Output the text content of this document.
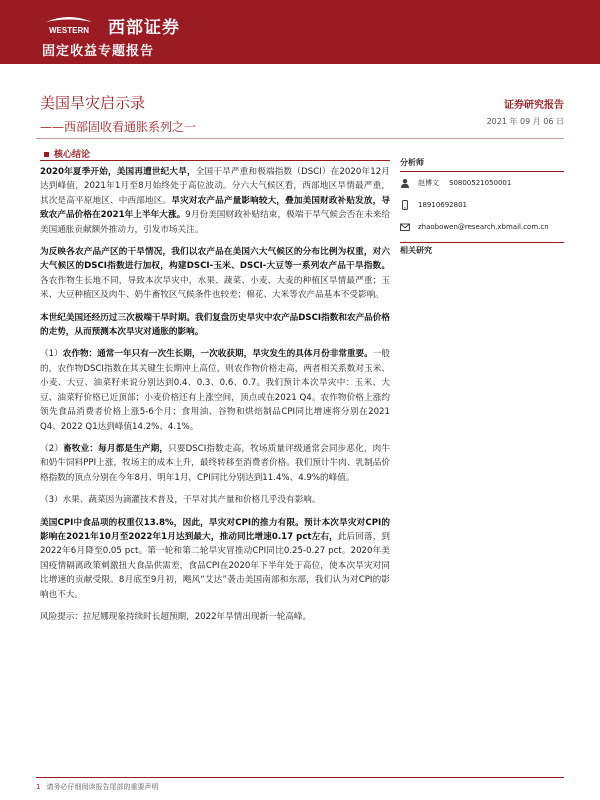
WESTERN 西部证券
固定收益专题报告
美国旱灾启示录
——西部固收看通胀系列之一
证券研究报告
2021 年 09 月 06 日
核心结论

2020年夏季开始，美国再遭世纪大旱，全国干旱严重和极端指数（DSCI）在2020年12月达到峰值，2021年1月至8月始终处于高位波动。分六大气候区看，西部地区旱情最严重，其次是高平原地区、中西部地区。旱灾对农产品产量影响较大，叠加美国财政补贴发放，导致农产品价格在2021年上半年大涨。9月份美国财政补贴结束，极端干旱气候会否在未来给美国通胀贡献额外推动力，引发市场关注。

为反映各农产品产区的干旱情况，我们以农产品在美国六大气候区的分布比例为权重，对六大气候区的DSCI指数进行加权，构建DSCI-玉米、DSCI-大豆等一系列农产品干旱指数。各农作物生长地不同，导致本次旱灾中，水果、蔬菜、小麦、大麦的种植区旱情最严重；玉米、大豆种植区及肉牛、奶牛畜牧区气候条件也较差；棉花、大米等农产品基本不受影响。

本世纪美国还经历过三次极端干旱时期。我们复盘历史旱灾中农产品DSCI指数和农产品价格的走势，从而预测本次旱灾对通胀的影响。

（1）农作物：通常一年只有一次生长期，一次收获期，旱灾发生的具体月份非常重要。一般的，农作物DSCI指数在其关键生长期冲上高位，则农作物价格走高，两者相关系数对玉米、小麦、大豆、油菜籽来说分别达到0.4、0.3、0.6、0.7。我们预计本次旱灾中：玉米、大豆、油菜籽价格已近顶部；小麦价格还有上涨空间，顶点或在2021 Q4。农作物价格上涨约领先食品消费者价格上涨5-6个月；食用油、谷物和烘焙制品CPI同比增速将分别在2021 Q4、2022 Q1达到峰值14.2%、4.1%。

（2）畜牧业：每月都是生产期，只要DSCI指数走高，牧场质量评级通常会同步恶化，肉牛和奶牛饲料PPI上涨，牧场主的成本上升，最终转移至消费者价格。我们预计牛肉、乳制品价格指数的顶点分别在今年8月、明年1月，CPI同比分别达到11.4%、4.9%的峰值。

（3）水果、蔬菜因为滴灌技术普及，干旱对其产量和价格几乎没有影响。

美国CPI中食品项的权重仅13.8%，因此，旱灾对CPI的推力有限。预计本次旱灾对CPI的影响在2021年10月至2022年1月达到最大，推动同比增速0.17 pct左右，此后回落，到2022年6月降至0.05 pct。第一轮和第二轮旱灾冒推动CPI同比0.25-0.27 pct。2020年美国疫情隔离政策刺激扭大食品供需差，食品CPI在2020年下半年处于高位，使本次旱灾对同比增速的贡献受限。8月底至9月初，飓风“艾达”袭击美国南部和东部，我们认为对CPI的影响也不大。

风险提示：拉尼娜现象持续时长超预期，2022年旱情出现新一轮高峰。

分析师
赵博文 S0800521050001
18910692801
zhaobowen@research.xbmail.com.cn
相关研究
1 请务必仔细阅读报告尾部的重要声明
